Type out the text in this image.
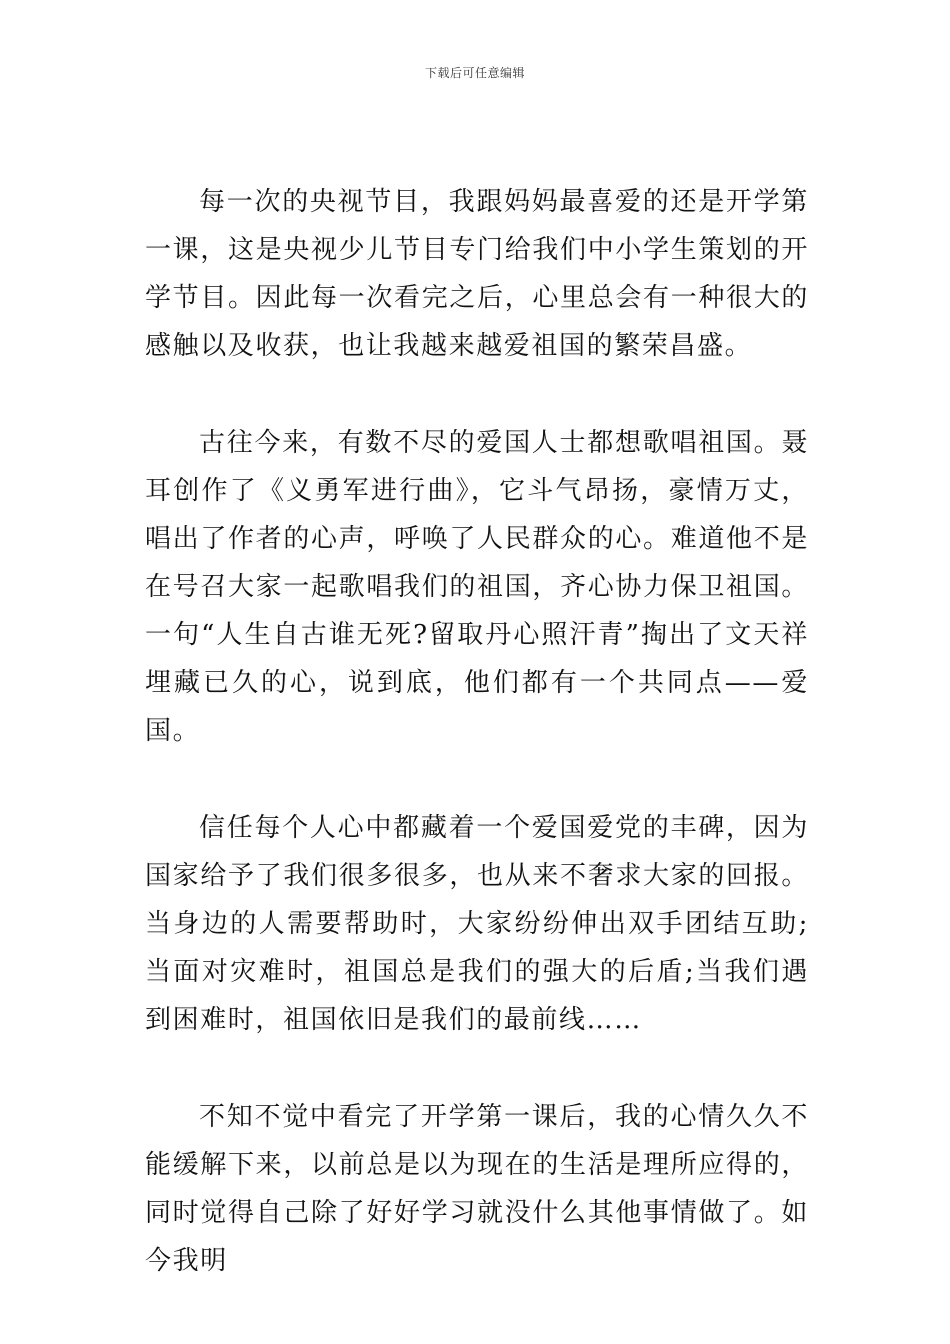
下载后可任意编辑

每一次的央视节目，我跟妈妈最喜爱的还是开学第一课，这是央视少儿节目专门给我们中小学生策划的开学节目。因此每一次看完之后，心里总会有一种很大的感触以及收获，也让我越来越爱祖国的繁荣昌盛。

古往今来，有数不尽的爱国人士都想歌唱祖国。聂耳创作了《义勇军进行曲》，它斗气昂扬，豪情万丈，唱出了作者的心声，呼唤了人民群众的心。难道他不是在号召大家一起歌唱我们的祖国，齐心协力保卫祖国。一句“人生自古谁无死?留取丹心照汗青”掏出了文天祥埋藏已久的心，说到底，他们都有一个共同点——爱国。

信任每个人心中都藏着一个爱国爱党的丰碑，因为国家给予了我们很多很多，也从来不奢求大家的回报。当身边的人需要帮助时，大家纷纷伸出双手团结互助;当面对灾难时，祖国总是我们的强大的后盾;当我们遇到困难时，祖国依旧是我们的最前线……

不知不觉中看完了开学第一课后，我的心情久久不能缓解下来，以前总是以为现在的生活是理所应得的，同时觉得自己除了好好学习就没什么其他事情做了。如今我明
